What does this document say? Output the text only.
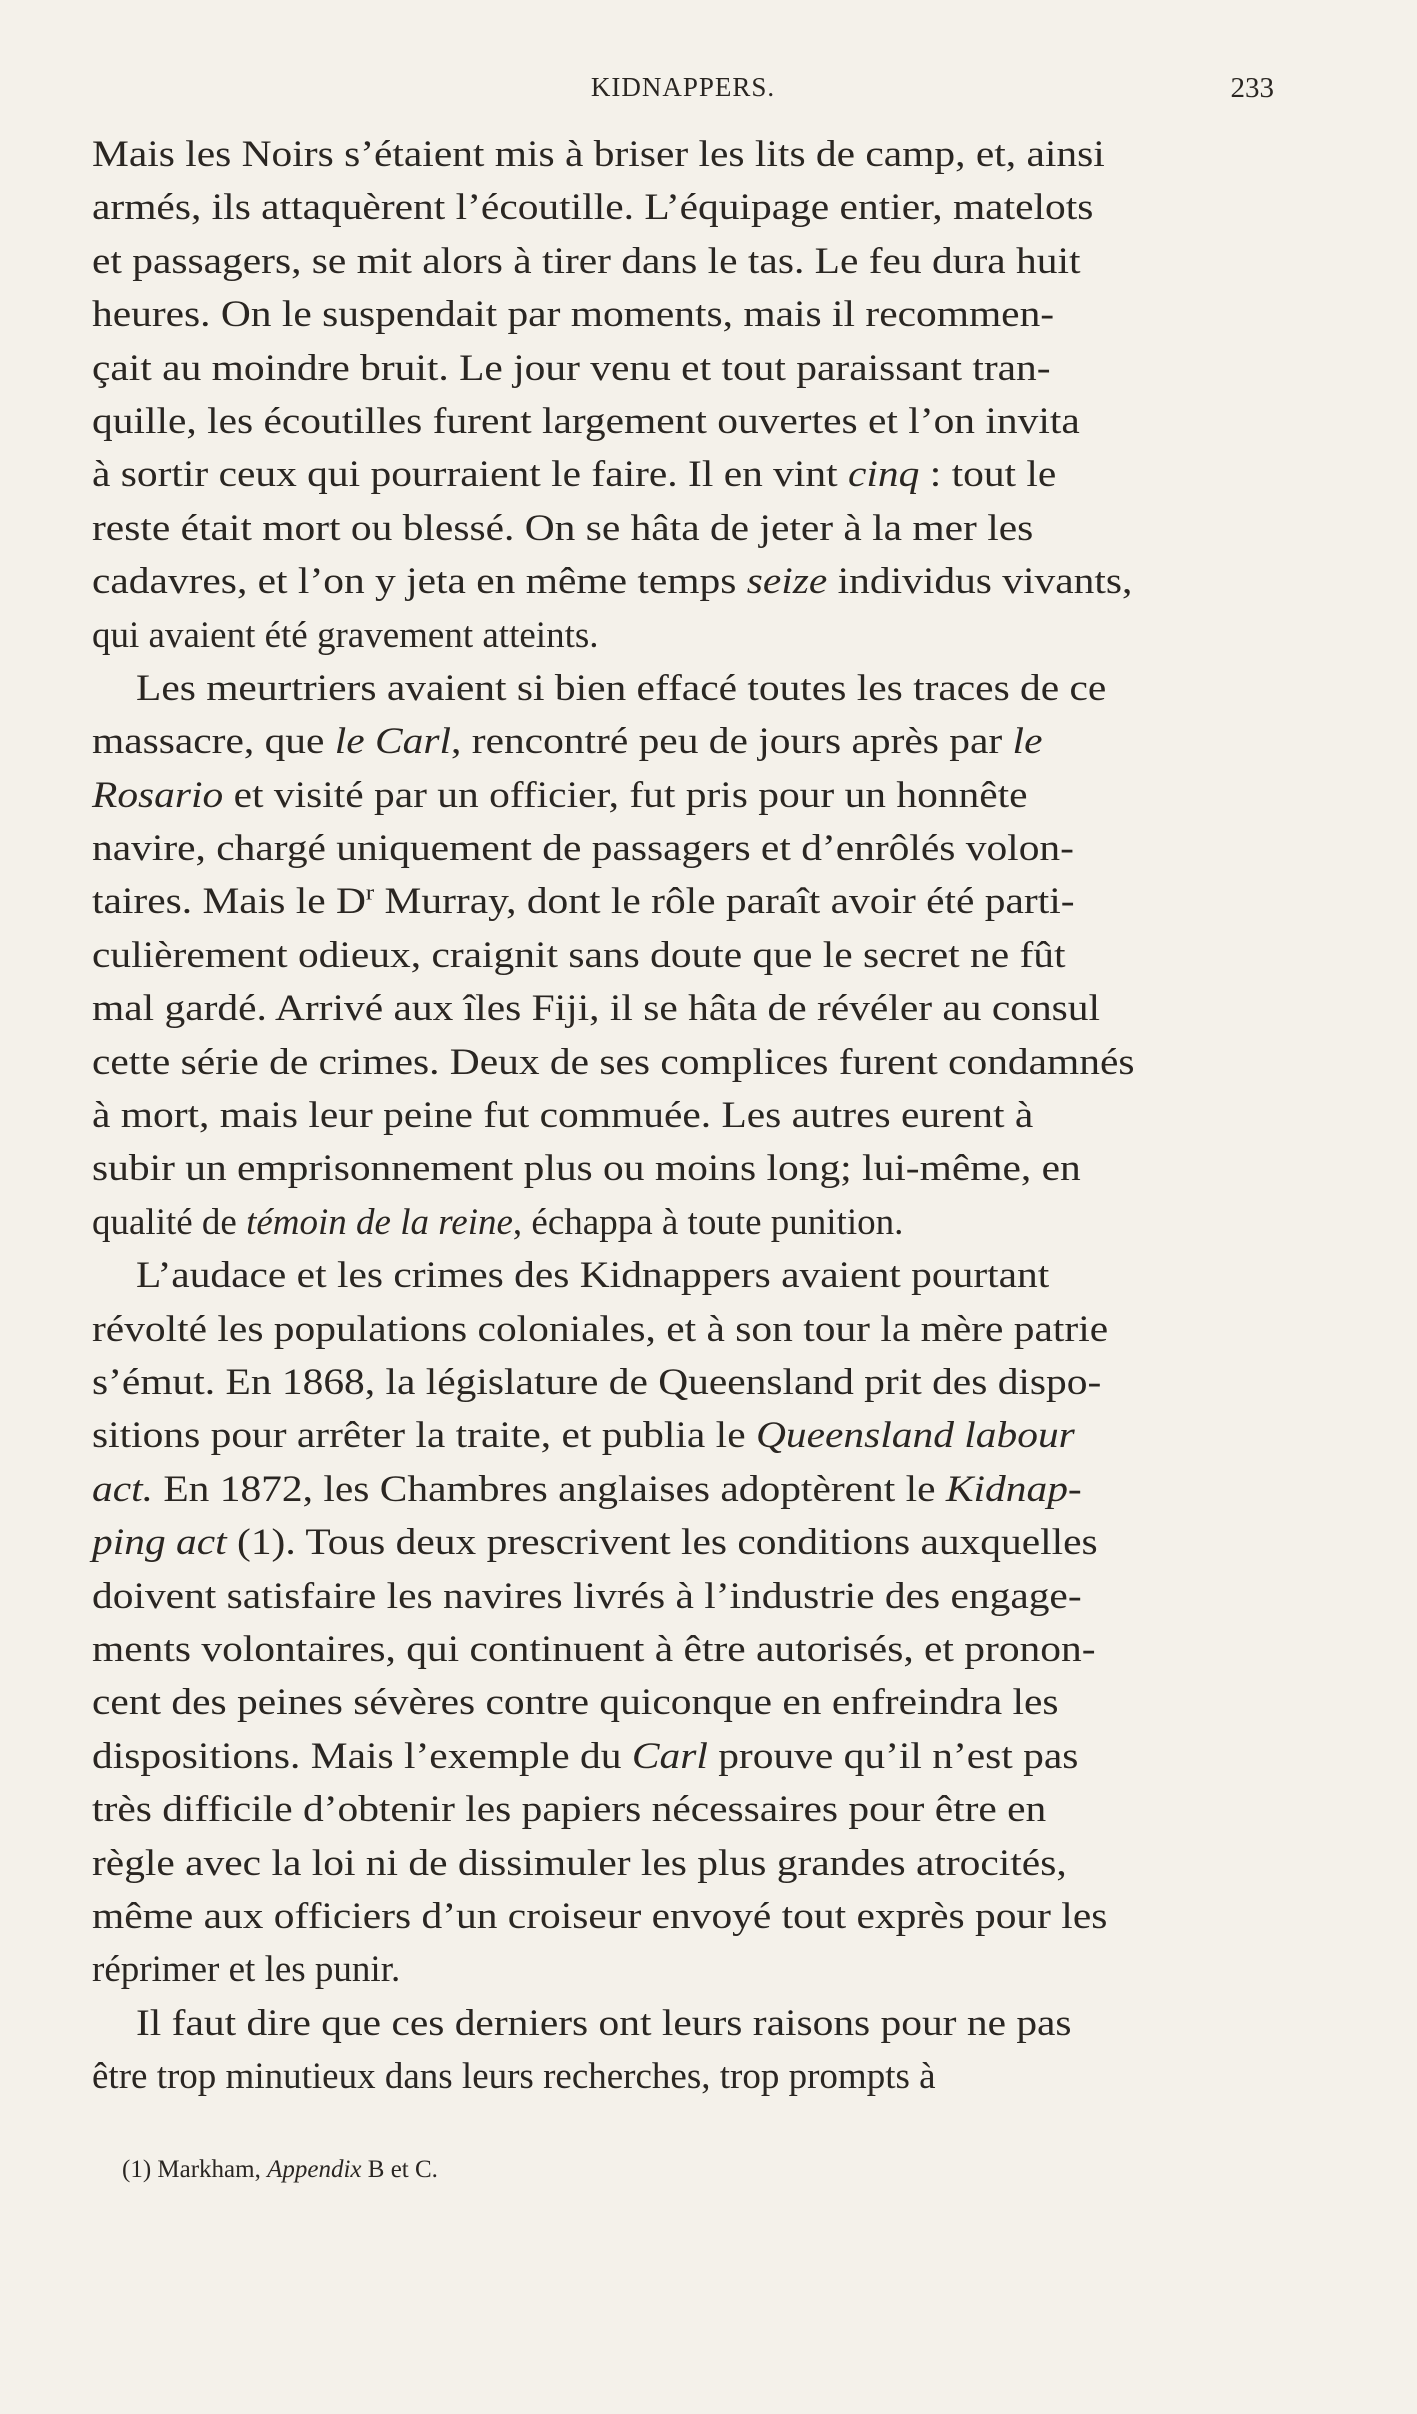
KIDNAPPERS.	233
Mais les Noirs s’étaient mis à briser les lits de camp, et, ainsi
armés, ils attaquèrent l’écoutille. L’équipage entier, matelots
et passagers, se mit alors à tirer dans le tas. Le feu dura huit
heures. On le suspendait par moments, mais il recommen-
çait au moindre bruit. Le jour venu et tout paraissant tran-
quille, les écoutilles furent largement ouvertes et l’on invita
à sortir ceux qui pourraient le faire. Il en vint cinq : tout le
reste était mort ou blessé. On se hâta de jeter à la mer les
cadavres, et l’on y jeta en même temps seize individus vivants,
qui avaient été gravement atteints.
Les meurtriers avaient si bien effacé toutes les traces de ce
massacre, que le Carl, rencontré peu de jours après par le
Rosario et visité par un officier, fut pris pour un honnête
navire, chargé uniquement de passagers et d’enrôlés volon-
taires. Mais le $D^r$ Murray, dont le rôle paraît avoir été parti-
culièrement odieux, craignit sans doute que le secret ne fût
mal gardé. Arrivé aux îles Fiji, il se hâta de révéler au consul
cette série de crimes. Deux de ses complices furent condamnés
à mort, mais leur peine fut commuée. Les autres eurent à
subir un emprisonnement plus ou moins long; lui-même, en
qualité de témoin de la reine, échappa à toute punition.
L’audace et les crimes des Kidnappers avaient pourtant
révolté les populations coloniales, et à son tour la mère patrie
s’émut. En 1868, la législature de Queensland prit des dispo-
sitions pour arrêter la traite, et publia le Queensland labour
act. En 1872, les Chambres anglaises adoptèrent le Kidnap-
ping act (1). Tous deux prescrivent les conditions auxquelles
doivent satisfaire les navires livrés à l’industrie des engage-
ments volontaires, qui continuent à être autorisés, et pronon-
cent des peines sévères contre quiconque en enfreindra les
dispositions. Mais l’exemple du Carl prouve qu’il n’est pas
très difficile d’obtenir les papiers nécessaires pour être en
règle avec la loi ni de dissimuler les plus grandes atrocités,
même aux officiers d’un croiseur envoyé tout exprès pour les
réprimer et les punir.
Il faut dire que ces derniers ont leurs raisons pour ne pas
être trop minutieux dans leurs recherches, trop prompts à
(1) Markham, Appendix B et C.
